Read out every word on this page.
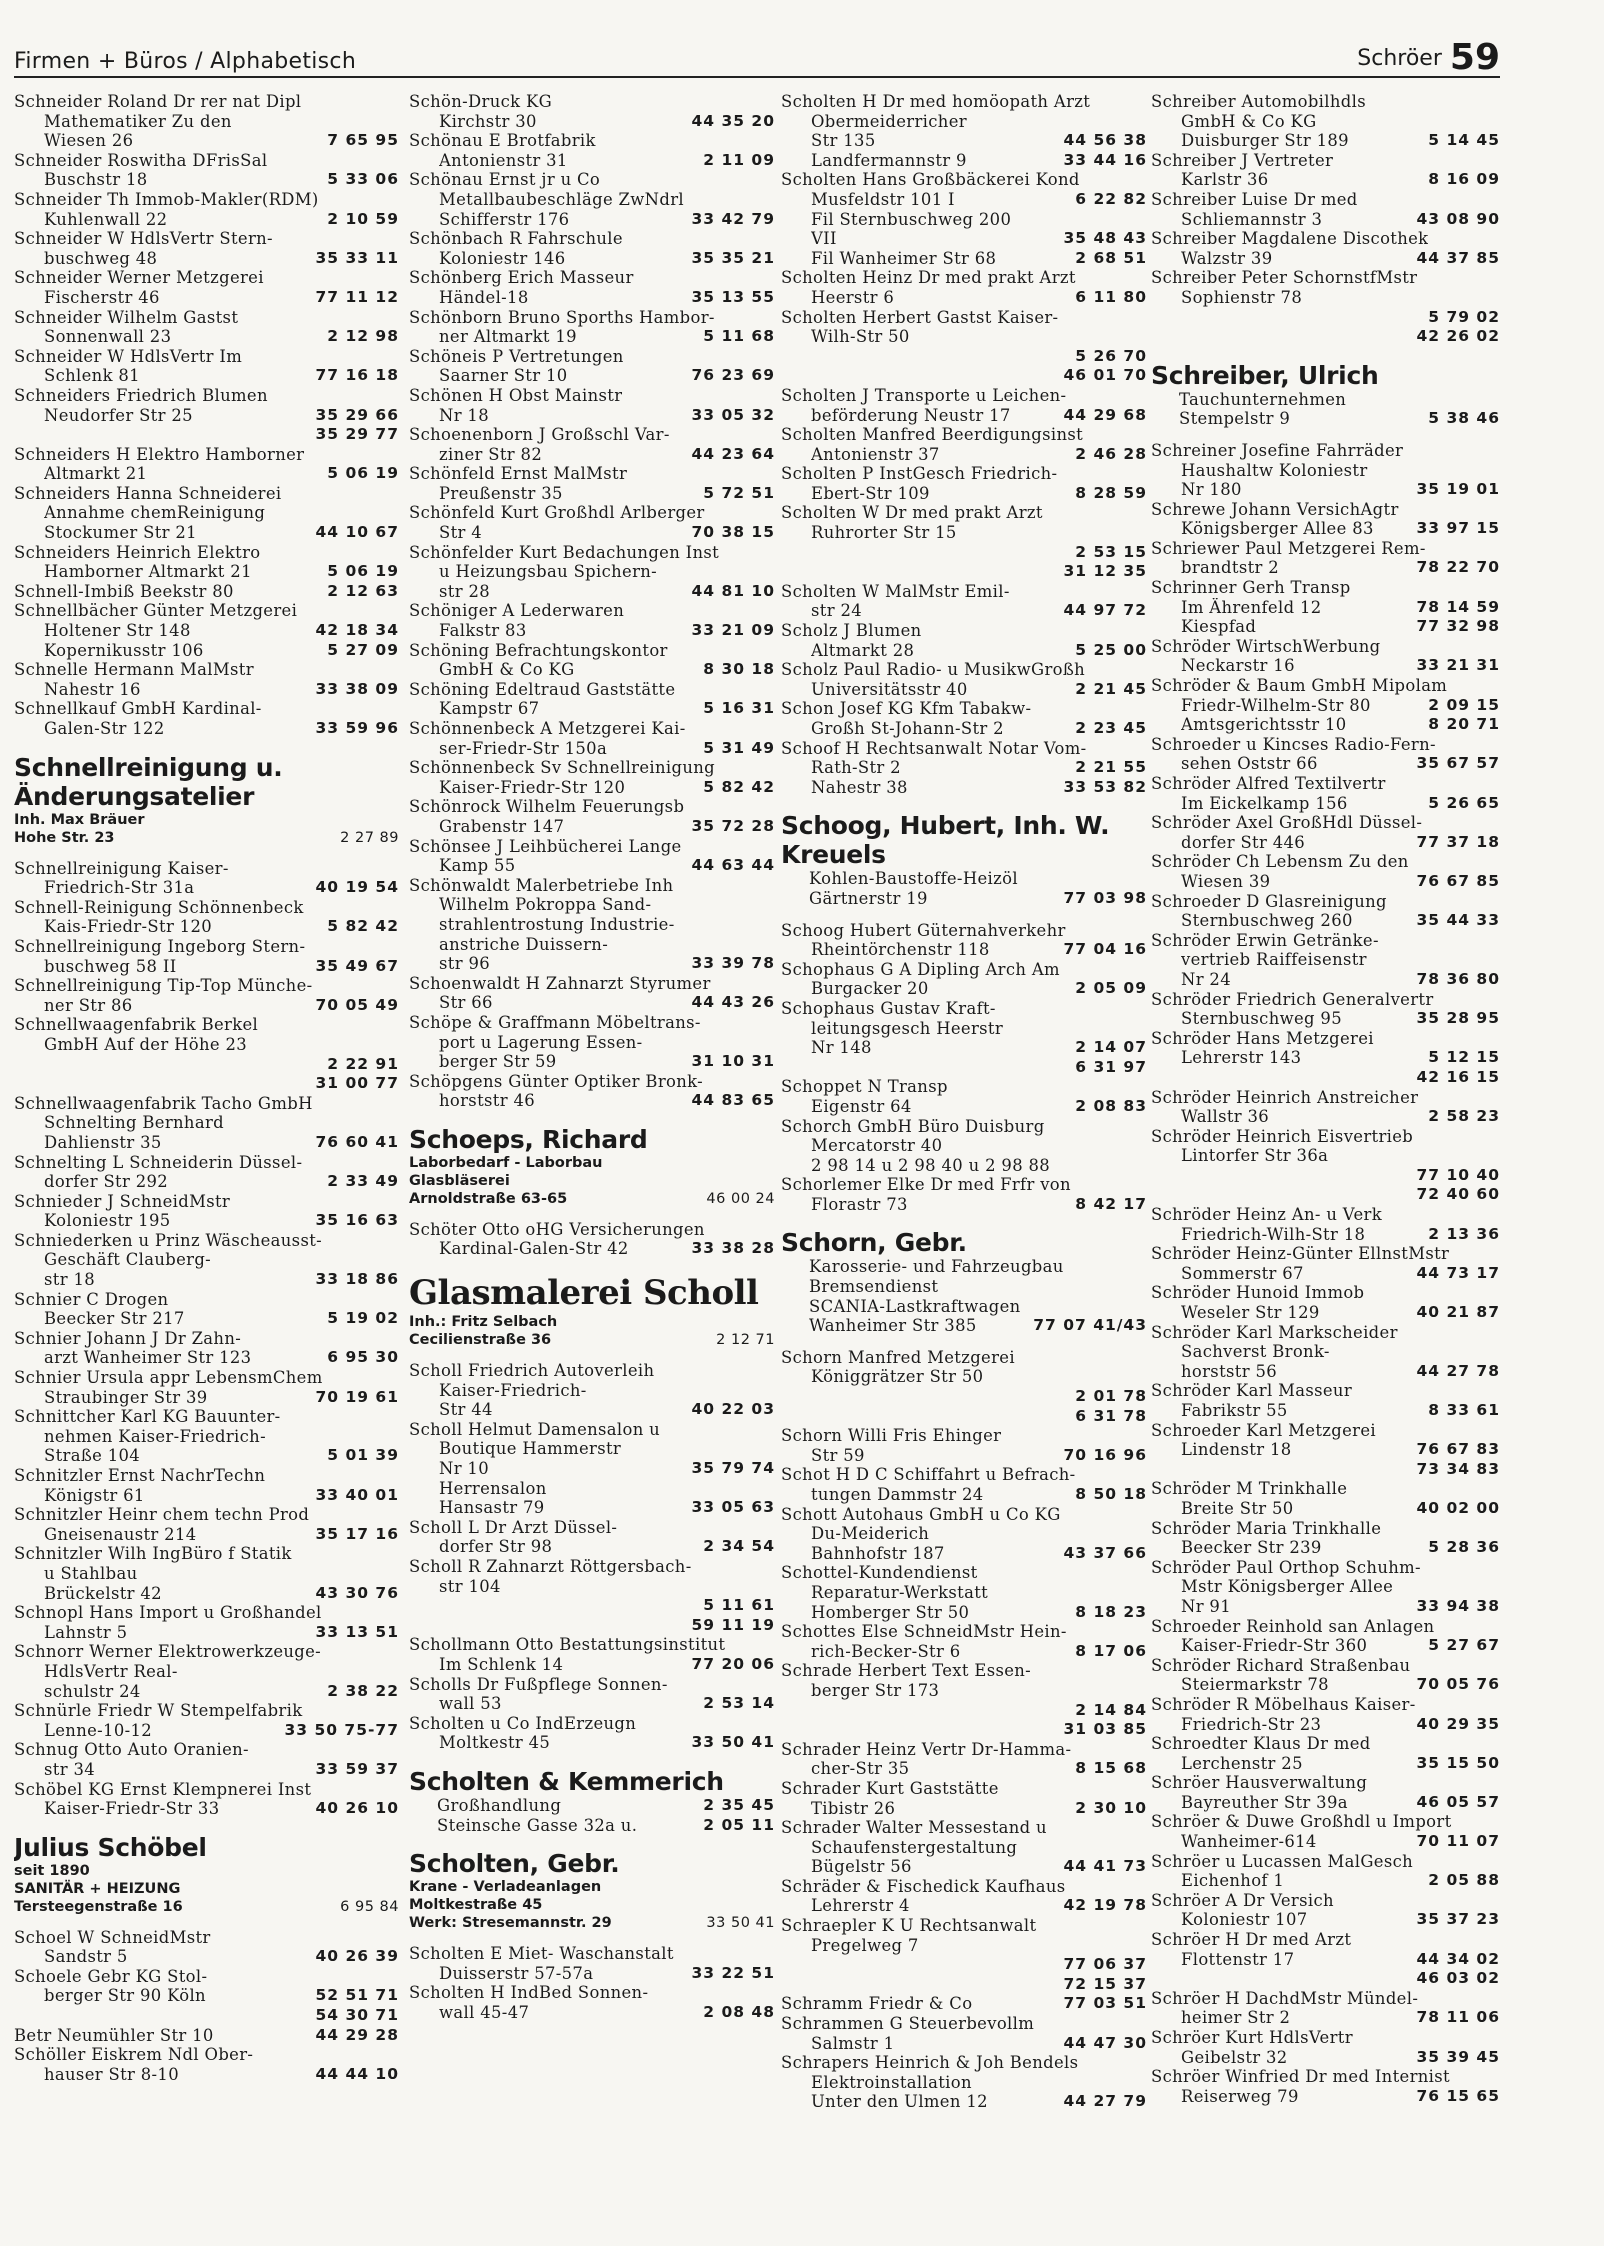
Firmen + Büros / Alphabetisch	Schröer 59
Schneider Roland Dr rer nat Dipl
Mathematiker Zu den
Wiesen 26	7 65 95
Schneider Roswitha DFrisSal
Buschstr 18	5 33 06
Schneider Th Immob-Makler(RDM)
Kuhlenwall 22	2 10 59
Schneider W HdlsVertr Stern-
buschweg 48	35 33 11
Schneider Werner Metzgerei
Fischerstr 46	77 11 12
Schneider Wilhelm Gastst
Sonnenwall 23	2 12 98
Schneider W HdlsVertr Im
Schlenk 81	77 16 18
Schneiders Friedrich Blumen
Neudorfer Str 25	35 29 66
35 29 77
Schneiders H Elektro Hamborner
Altmarkt 21	5 06 19
Schneiders Hanna Schneiderei
Annahme chemReinigung
Stockumer Str 21	44 10 67
Schneiders Heinrich Elektro
Hamborner Altmarkt 21	5 06 19
Schnell-Imbiß Beekstr 80	2 12 63
Schnellbächer Günter Metzgerei
Holtener Str 148	42 18 34
Kopernikusstr 106	5 27 09
Schnelle Hermann MalMstr
Nahestr 16	33 38 09
Schnellkauf GmbH Kardinal-
Galen-Str 122	33 59 96
Schnellreinigung u.
Änderungsatelier
Inh. Max Bräuer
Hohe Str. 23	2 27 89
Schnellreinigung Kaiser-
Friedrich-Str 31a	40 19 54
Schnell-Reinigung Schönnenbeck
Kais-Friedr-Str 120	5 82 42
Schnellreinigung Ingeborg Stern-
buschweg 58 II	35 49 67
Schnellreinigung Tip-Top Münche-
ner Str 86	70 05 49
Schnellwaagenfabrik Berkel
GmbH Auf der Höhe 23
2 22 91
31 00 77
Schnellwaagenfabrik Tacho GmbH
Schnelting Bernhard
Dahlienstr 35	76 60 41
Schnelting L Schneiderin Düssel-
dorfer Str 292	2 33 49
Schnieder J SchneidMstr
Koloniestr 195	35 16 63
Schniederken u Prinz Wäscheausst-
Geschäft Clauberg-
str 18	33 18 86
Schnier C Drogen
Beecker Str 217	5 19 02
Schnier Johann J Dr Zahn-
arzt Wanheimer Str 123	6 95 30
Schnier Ursula appr LebensmChem
Straubinger Str 39	70 19 61
Schnittcher Karl KG Bauunter-
nehmen Kaiser-Friedrich-
Straße 104	5 01 39
Schnitzler Ernst NachrTechn
Königstr 61	33 40 01
Schnitzler Heinr chem techn Prod
Gneisenaustr 214	35 17 16
Schnitzler Wilh IngBüro f Statik
u Stahlbau
Brückelstr 42	43 30 76
Schnopl Hans Import u Großhandel
Lahnstr 5	33 13 51
Schnorr Werner Elektrowerkzeuge-
HdlsVertr Real-
schulstr 24	2 38 22
Schnürle Friedr W Stempelfabrik
Lenne-10-12	33 50 75-77
Schnug Otto Auto Oranien-
str 34	33 59 37
Schöbel KG Ernst Klempnerei Inst
Kaiser-Friedr-Str 33	40 26 10
Julius Schöbel
seit 1890
SANITÄR + HEIZUNG
Tersteegenstraße 16	6 95 84
Schoel W SchneidMstr
Sandstr 5	40 26 39
Schoele Gebr KG Stol-
berger Str 90 Köln	52 51 71
54 30 71
Betr Neumühler Str 10	44 29 28
Schöller Eiskrem Ndl Ober-
hauser Str 8-10	44 44 10
Schön-Druck KG
Kirchstr 30	44 35 20
Schönau E Brotfabrik
Antonienstr 31	2 11 09
Schönau Ernst jr u Co
Metallbaubeschläge ZwNdrl
Schifferstr 176	33 42 79
Schönbach R Fahrschule
Koloniestr 146	35 35 21
Schönberg Erich Masseur
Händel-18	35 13 55
Schönborn Bruno Sporths Hambor-
ner Altmarkt 19	5 11 68
Schöneis P Vertretungen
Saarner Str 10	76 23 69
Schönen H Obst Mainstr
Nr 18	33 05 32
Schoenenborn J Großschl Var-
ziner Str 82	44 23 64
Schönfeld Ernst MalMstr
Preußenstr 35	5 72 51
Schönfeld Kurt Großhdl Arlberger
Str 4	70 38 15
Schönfelder Kurt Bedachungen Inst
u Heizungsbau Spichern-
str 28	44 81 10
Schöniger A Lederwaren
Falkstr 83	33 21 09
Schöning Befrachtungskontor
GmbH & Co KG	8 30 18
Schöning Edeltraud Gaststätte
Kampstr 67	5 16 31
Schönnenbeck A Metzgerei Kai-
ser-Friedr-Str 150a	5 31 49
Schönnenbeck Sv Schnellreinigung
Kaiser-Friedr-Str 120	5 82 42
Schönrock Wilhelm Feuerungsb
Grabenstr 147	35 72 28
Schönsee J Leihbücherei Lange
Kamp 55	44 63 44
Schönwaldt Malerbetriebe Inh
Wilhelm Pokroppa Sand-
strahlentrostung Industrie-
anstriche Duissern-
str 96	33 39 78
Schoenwaldt H Zahnarzt Styrumer
Str 66	44 43 26
Schöpe & Graffmann Möbeltrans-
port u Lagerung Essen-
berger Str 59	31 10 31
Schöpgens Günter Optiker Bronk-
horststr 46	44 83 65
Schoeps, Richard
Laborbedarf - Laborbau
Glasbläserei
Arnoldstraße 63-65	46 00 24
Schöter Otto oHG Versicherungen
Kardinal-Galen-Str 42	33 38 28
Glasmalerei Scholl
Inh.: Fritz Selbach
Cecilienstraße 36	2 12 71
Scholl Friedrich Autoverleih
Kaiser-Friedrich-
Str 44	40 22 03
Scholl Helmut Damensalon u
Boutique Hammerstr
Nr 10	35 79 74
Herrensalon
Hansastr 79	33 05 63
Scholl L Dr Arzt Düssel-
dorfer Str 98	2 34 54
Scholl R Zahnarzt Röttgersbach-
str 104
5 11 61
59 11 19
Schollmann Otto Bestattungsinstitut
Im Schlenk 14	77 20 06
Scholls Dr Fußpflege Sonnen-
wall 53	2 53 14
Scholten u Co IndErzeugn
Moltkestr 45	33 50 41
Scholten & Kemmerich
Großhandlung	2 35 45
Steinsche Gasse 32a u.	2 05 11
Scholten, Gebr.
Krane - Verladeanlagen
Moltkestraße 45
Werk: Stresemannstr. 29	33 50 41
Scholten E Miet- Waschanstalt
Duisserstr 57-57a	33 22 51
Scholten H IndBed Sonnen-
wall 45-47	2 08 48
Scholten H Dr med homöopath Arzt
Obermeiderricher
Str 135	44 56 38
Landfermannstr 9	33 44 16
Scholten Hans Großbäckerei Kond
Musfeldstr 101 I	6 22 82
Fil Sternbuschweg 200
VII	35 48 43
Fil Wanheimer Str 68	2 68 51
Scholten Heinz Dr med prakt Arzt
Heerstr 6	6 11 80
Scholten Herbert Gastst Kaiser-
Wilh-Str 50
5 26 70
46 01 70
Scholten J Transporte u Leichen-
beförderung Neustr 17	44 29 68
Scholten Manfred Beerdigungsinst
Antonienstr 37	2 46 28
Scholten P InstGesch Friedrich-
Ebert-Str 109	8 28 59
Scholten W Dr med prakt Arzt
Ruhrorter Str 15
2 53 15
31 12 35
Scholten W MalMstr Emil-
str 24	44 97 72
Scholz J Blumen
Altmarkt 28	5 25 00
Scholz Paul Radio- u MusikwGroßh
Universitätsstr 40	2 21 45
Schon Josef KG Kfm Tabakw-
Großh St-Johann-Str 2	2 23 45
Schoof H Rechtsanwalt Notar Vom-
Rath-Str 2	2 21 55
Nahestr 38	33 53 82
Schoog, Hubert, Inh. W. Kreuels
Kohlen-Baustoffe-Heizöl
Gärtnerstr 19	77 03 98
Schoog Hubert Güternahverkehr
Rheintörchenstr 118	77 04 16
Schophaus G A Dipling Arch Am
Burgacker 20	2 05 09
Schophaus Gustav Kraft-
leitungsgesch Heerstr
Nr 148	2 14 07
6 31 97
Schoppet N Transp
Eigenstr 64	2 08 83
Schorch GmbH Büro Duisburg
Mercatorstr 40
2 98 14 u 2 98 40 u 2 98 88
Schorlemer Elke Dr med Frfr von
Florastr 73	8 42 17
Schorn, Gebr.
Karosserie- und Fahrzeugbau
Bremsendienst
SCANIA-Lastkraftwagen
Wanheimer Str 385	77 07 41/43
Schorn Manfred Metzgerei
Königgrätzer Str 50
2 01 78
6 31 78
Schorn Willi Fris Ehinger
Str 59	70 16 96
Schot H D C Schiffahrt u Befrach-
tungen Dammstr 24	8 50 18
Schott Autohaus GmbH u Co KG
Du-Meiderich
Bahnhofstr 187	43 37 66
Schottel-Kundendienst
Reparatur-Werkstatt
Homberger Str 50	8 18 23
Schottes Else SchneidMstr Hein-
rich-Becker-Str 6	8 17 06
Schrade Herbert Text Essen-
berger Str 173
2 14 84
31 03 85
Schrader Heinz Vertr Dr-Hamma-
cher-Str 35	8 15 68
Schrader Kurt Gaststätte
Tibistr 26	2 30 10
Schrader Walter Messestand u
Schaufenstergestaltung
Bügelstr 56	44 41 73
Schräder & Fischedick Kaufhaus
Lehrerstr 4	42 19 78
Schraepler K U Rechtsanwalt
Pregelweg 7
77 06 37
72 15 37
Schramm Friedr & Co	77 03 51
Schrammen G Steuerbevollm
Salmstr 1	44 47 30
Schrapers Heinrich & Joh Bendels
Elektroinstallation
Unter den Ulmen 12	44 27 79
Schreiber Automobilhdls
GmbH & Co KG
Duisburger Str 189	5 14 45
Schreiber J Vertreter
Karlstr 36	8 16 09
Schreiber Luise Dr med
Schliemannstr 3	43 08 90
Schreiber Magdalene Discothek
Walzstr 39	44 37 85
Schreiber Peter SchornstfMstr
Sophienstr 78
5 79 02
42 26 02
Schreiber, Ulrich
Tauchunternehmen
Stempelstr 9	5 38 46
Schreiner Josefine Fahrräder
Haushaltw Koloniestr
Nr 180	35 19 01
Schrewe Johann VersichAgtr
Königsberger Allee 83	33 97 15
Schriewer Paul Metzgerei Rem-
brandtstr 2	78 22 70
Schrinner Gerh Transp
Im Ährenfeld 12	78 14 59
Kiespfad	77 32 98
Schröder WirtschWerbung
Neckarstr 16	33 21 31
Schröder & Baum GmbH Mipolam
Friedr-Wilhelm-Str 80	2 09 15
Amtsgerichtsstr 10	8 20 71
Schroeder u Kincses Radio-Fern-
sehen Oststr 66	35 67 57
Schröder Alfred Textilvertr
Im Eickelkamp 156	5 26 65
Schröder Axel GroßHdl Düssel-
dorfer Str 446	77 37 18
Schröder Ch Lebensm Zu den
Wiesen 39	76 67 85
Schroeder D Glasreinigung
Sternbuschweg 260	35 44 33
Schröder Erwin Getränke-
vertrieb Raiffeisenstr
Nr 24	78 36 80
Schröder Friedrich Generalvertr
Sternbuschweg 95	35 28 95
Schröder Hans Metzgerei
Lehrerstr 143	5 12 15
42 16 15
Schröder Heinrich Anstreicher
Wallstr 36	2 58 23
Schröder Heinrich Eisvertrieb
Lintorfer Str 36a
77 10 40
72 40 60
Schröder Heinz An- u Verk
Friedrich-Wilh-Str 18	2 13 36
Schröder Heinz-Günter EllnstMstr
Sommerstr 67	44 73 17
Schröder Hunoid Immob
Weseler Str 129	40 21 87
Schröder Karl Markscheider
Sachverst Bronk-
horststr 56	44 27 78
Schröder Karl Masseur
Fabrikstr 55	8 33 61
Schroeder Karl Metzgerei
Lindenstr 18	76 67 83
73 34 83
Schröder M Trinkhalle
Breite Str 50	40 02 00
Schröder Maria Trinkhalle
Beecker Str 239	5 28 36
Schröder Paul Orthop Schuhm-
Mstr Königsberger Allee
Nr 91	33 94 38
Schroeder Reinhold san Anlagen
Kaiser-Friedr-Str 360	5 27 67
Schröder Richard Straßenbau
Steiermarkstr 78	70 05 76
Schröder R Möbelhaus Kaiser-
Friedrich-Str 23	40 29 35
Schroedter Klaus Dr med
Lerchenstr 25	35 15 50
Schröer Hausverwaltung
Bayreuther Str 39a	46 05 57
Schröer & Duwe Großhdl u Import
Wanheimer-614	70 11 07
Schröer u Lucassen MalGesch
Eichenhof 1	2 05 88
Schröer A Dr Versich
Koloniestr 107	35 37 23
Schröer H Dr med Arzt
Flottenstr 17	44 34 02
46 03 02
Schröer H DachdMstr Mündel-
heimer Str 2	78 11 06
Schröer Kurt HdlsVertr
Geibelstr 32	35 39 45
Schröer Winfried Dr med Internist
Reiserweg 79	76 15 65
